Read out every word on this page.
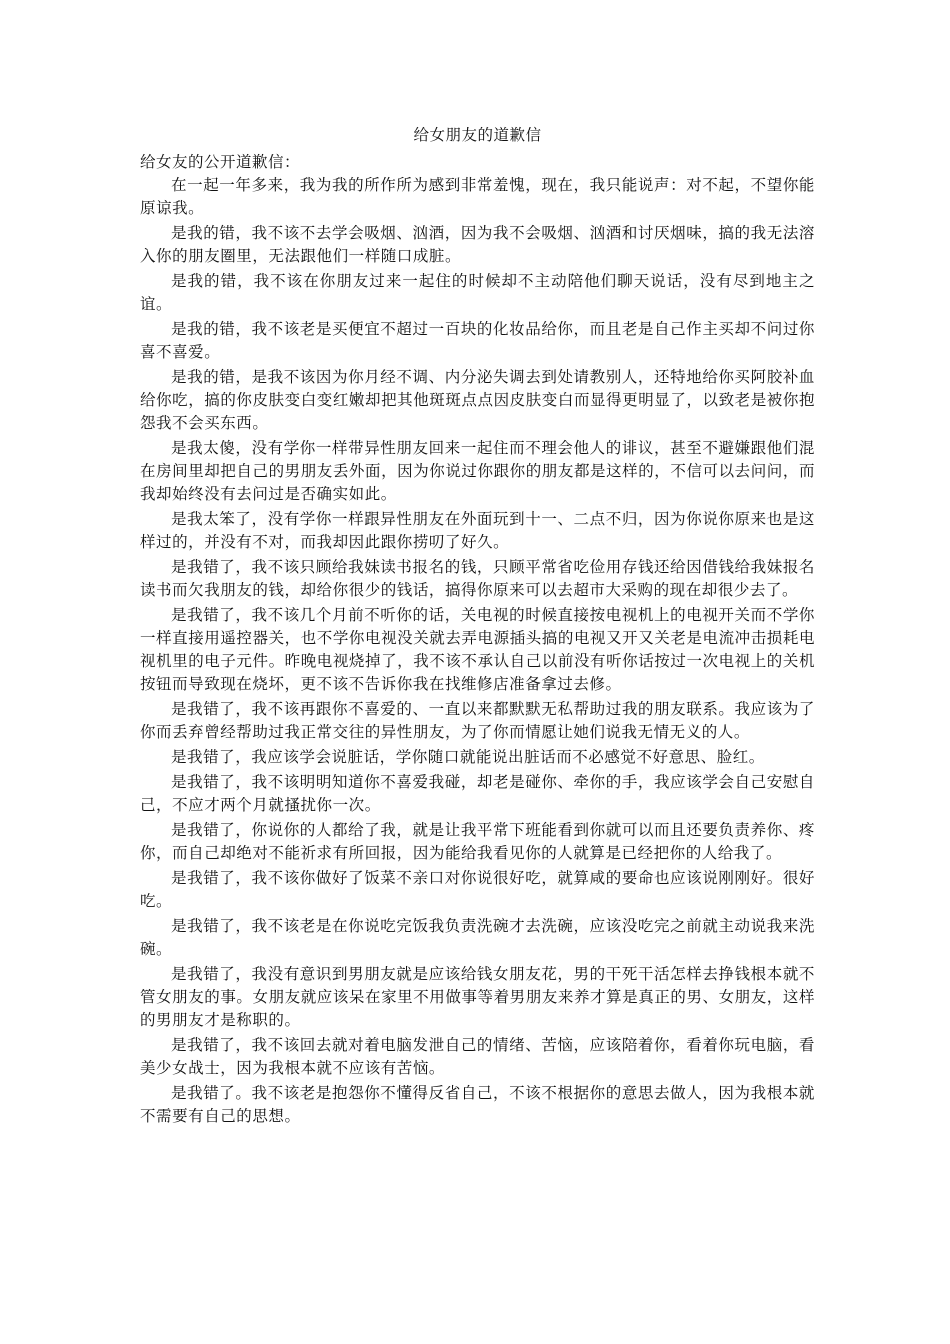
给女朋友的道歉信
给女友的公开道歉信：

在一起一年多来，我为我的所作所为感到非常羞愧，现在，我只能说声：对不起，不望你能原谅我。

是我的错，我不该不去学会吸烟、汹酒，因为我不会吸烟、汹酒和讨厌烟味，搞的我无法溶入你的朋友圈里，无法跟他们一样随口成脏。

是我的错，我不该在你朋友过来一起住的时候却不主动陪他们聊天说话，没有尽到地主之谊。

是我的错，我不该老是买便宜不超过一百块的化妆品给你，而且老是自己作主买却不问过你喜不喜爱。

是我的错，是我不该因为你月经不调、内分泌失调去到处请教别人，还特地给你买阿胶补血给你吃，搞的你皮肤变白变红嫩却把其他斑斑点点因皮肤变白而显得更明显了，以致老是被你抱怨我不会买东西。

是我太傻，没有学你一样带异性朋友回来一起住而不理会他人的诽议，甚至不避嫌跟他们混在房间里却把自己的男朋友丢外面，因为你说过你跟你的朋友都是这样的，不信可以去问问，而我却始终没有去问过是否确实如此。

是我太笨了，没有学你一样跟异性朋友在外面玩到十一、二点不归，因为你说你原来也是这样过的，并没有不对，而我却因此跟你捞叨了好久。

是我错了，我不该只顾给我妹读书报名的钱，只顾平常省吃俭用存钱还给因借钱给我妹报名读书而欠我朋友的钱，却给你很少的钱话，搞得你原来可以去超市大采购的现在却很少去了。

是我错了，我不该几个月前不听你的话，关电视的时候直接按电视机上的电视开关而不学你一样直接用遥控器关，也不学你电视没关就去弄电源插头搞的电视又开又关老是电流冲击损耗电视机里的电子元件。昨晚电视烧掉了，我不该不承认自己以前没有听你话按过一次电视上的关机按钮而导致现在烧坏，更不该不告诉你我在找维修店准备拿过去修。

是我错了，我不该再跟你不喜爱的、一直以来都默默无私帮助过我的朋友联系。我应该为了你而丢弃曾经帮助过我正常交往的异性朋友，为了你而情愿让她们说我无情无义的人。

是我错了，我应该学会说脏话，学你随口就能说出脏话而不必感觉不好意思、脸红。

是我错了，我不该明明知道你不喜爱我碰，却老是碰你、牵你的手，我应该学会自己安慰自己，不应才两个月就搔扰你一次。

是我错了，你说你的人都给了我，就是让我平常下班能看到你就可以而且还要负责养你、疼你，而自己却绝对不能祈求有所回报，因为能给我看见你的人就算是已经把你的人给我了。

是我错了，我不该你做好了饭菜不亲口对你说很好吃，就算咸的要命也应该说刚刚好。很好吃。

是我错了，我不该老是在你说吃完饭我负责洗碗才去洗碗，应该没吃完之前就主动说我来洗碗。

是我错了，我没有意识到男朋友就是应该给钱女朋友花，男的干死干活怎样去挣钱根本就不管女朋友的事。女朋友就应该呆在家里不用做事等着男朋友来养才算是真正的男、女朋友，这样的男朋友才是称职的。

是我错了，我不该回去就对着电脑发泄自己的情绪、苦恼，应该陪着你，看着你玩电脑，看美少女战士，因为我根本就不应该有苦恼。

是我错了。我不该老是抱怨你不懂得反省自己，不该不根据你的意思去做人，因为我根本就不需要有自己的思想。
